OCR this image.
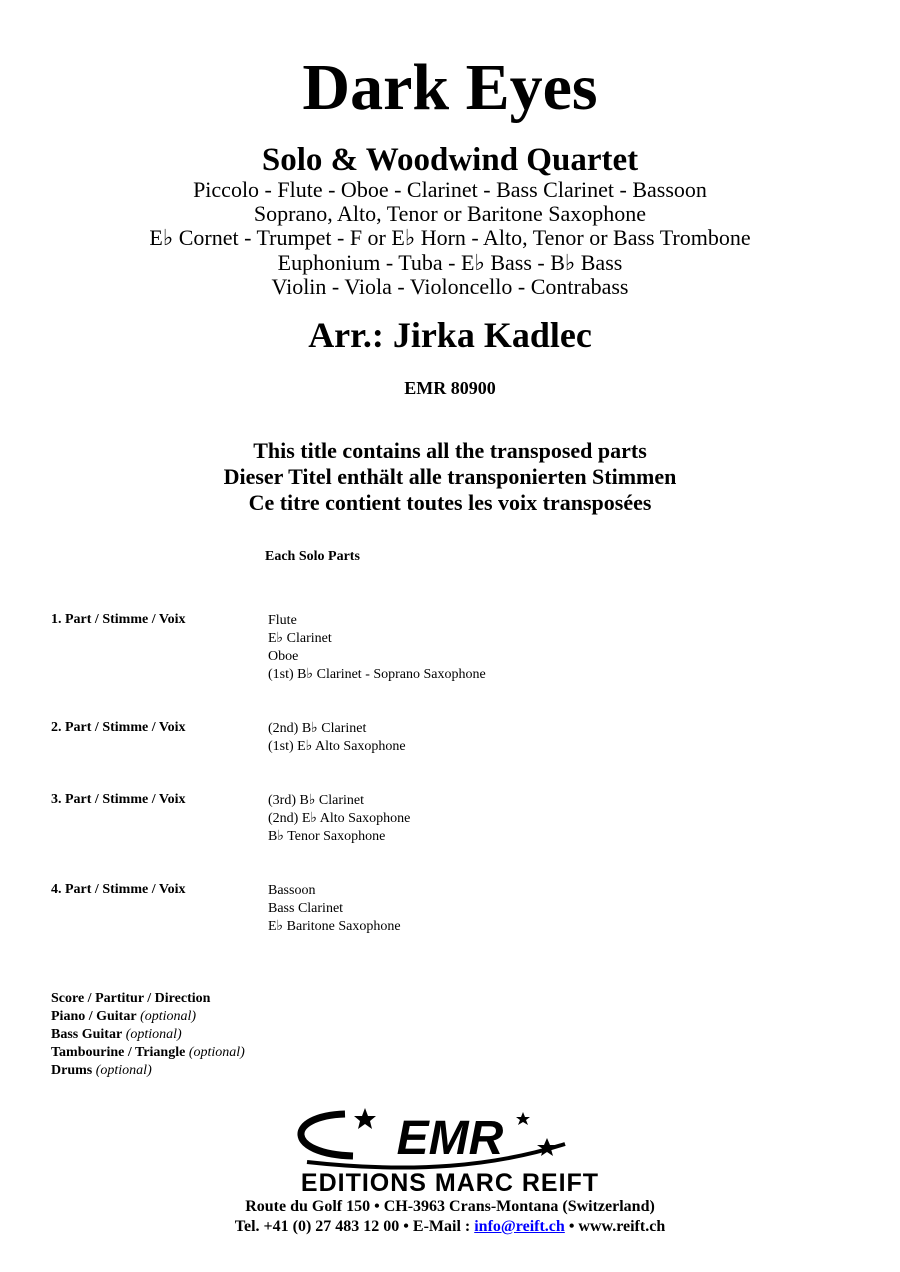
Dark Eyes
Solo & Woodwind Quartet
Piccolo - Flute - Oboe - Clarinet - Bass Clarinet - Bassoon
Soprano, Alto, Tenor or Baritone Saxophone
E♭ Cornet - Trumpet - F or E♭ Horn - Alto, Tenor or Bass Trombone
Euphonium - Tuba - E♭ Bass - B♭ Bass
Violin - Viola - Violoncello - Contrabass
Arr.: Jirka Kadlec
EMR 80900
This title contains all the transposed parts
Dieser Titel enthält alle transponierten Stimmen
Ce titre contient toutes les voix transposées
Each Solo Parts
1. Part / Stimme / Voix	Flute
E♭ Clarinet
Oboe
(1st) B♭ Clarinet - Soprano Saxophone
2. Part / Stimme / Voix	(2nd) B♭ Clarinet
(1st) E♭ Alto Saxophone
3. Part / Stimme / Voix	(3rd) B♭ Clarinet
(2nd) E♭ Alto Saxophone
B♭ Tenor Saxophone
4. Part / Stimme / Voix	Bassoon
Bass Clarinet
E♭ Baritone Saxophone
Score / Partitur / Direction
Piano / Guitar (optional)
Bass Guitar (optional)
Tambourine / Triangle (optional)
Drums (optional)
EMR
EDITIONS MARC REIFT
Route du Golf 150 • CH-3963 Crans-Montana (Switzerland)
Tel. +41 (0) 27 483 12 00 • E-Mail : info@reift.ch • www.reift.ch
